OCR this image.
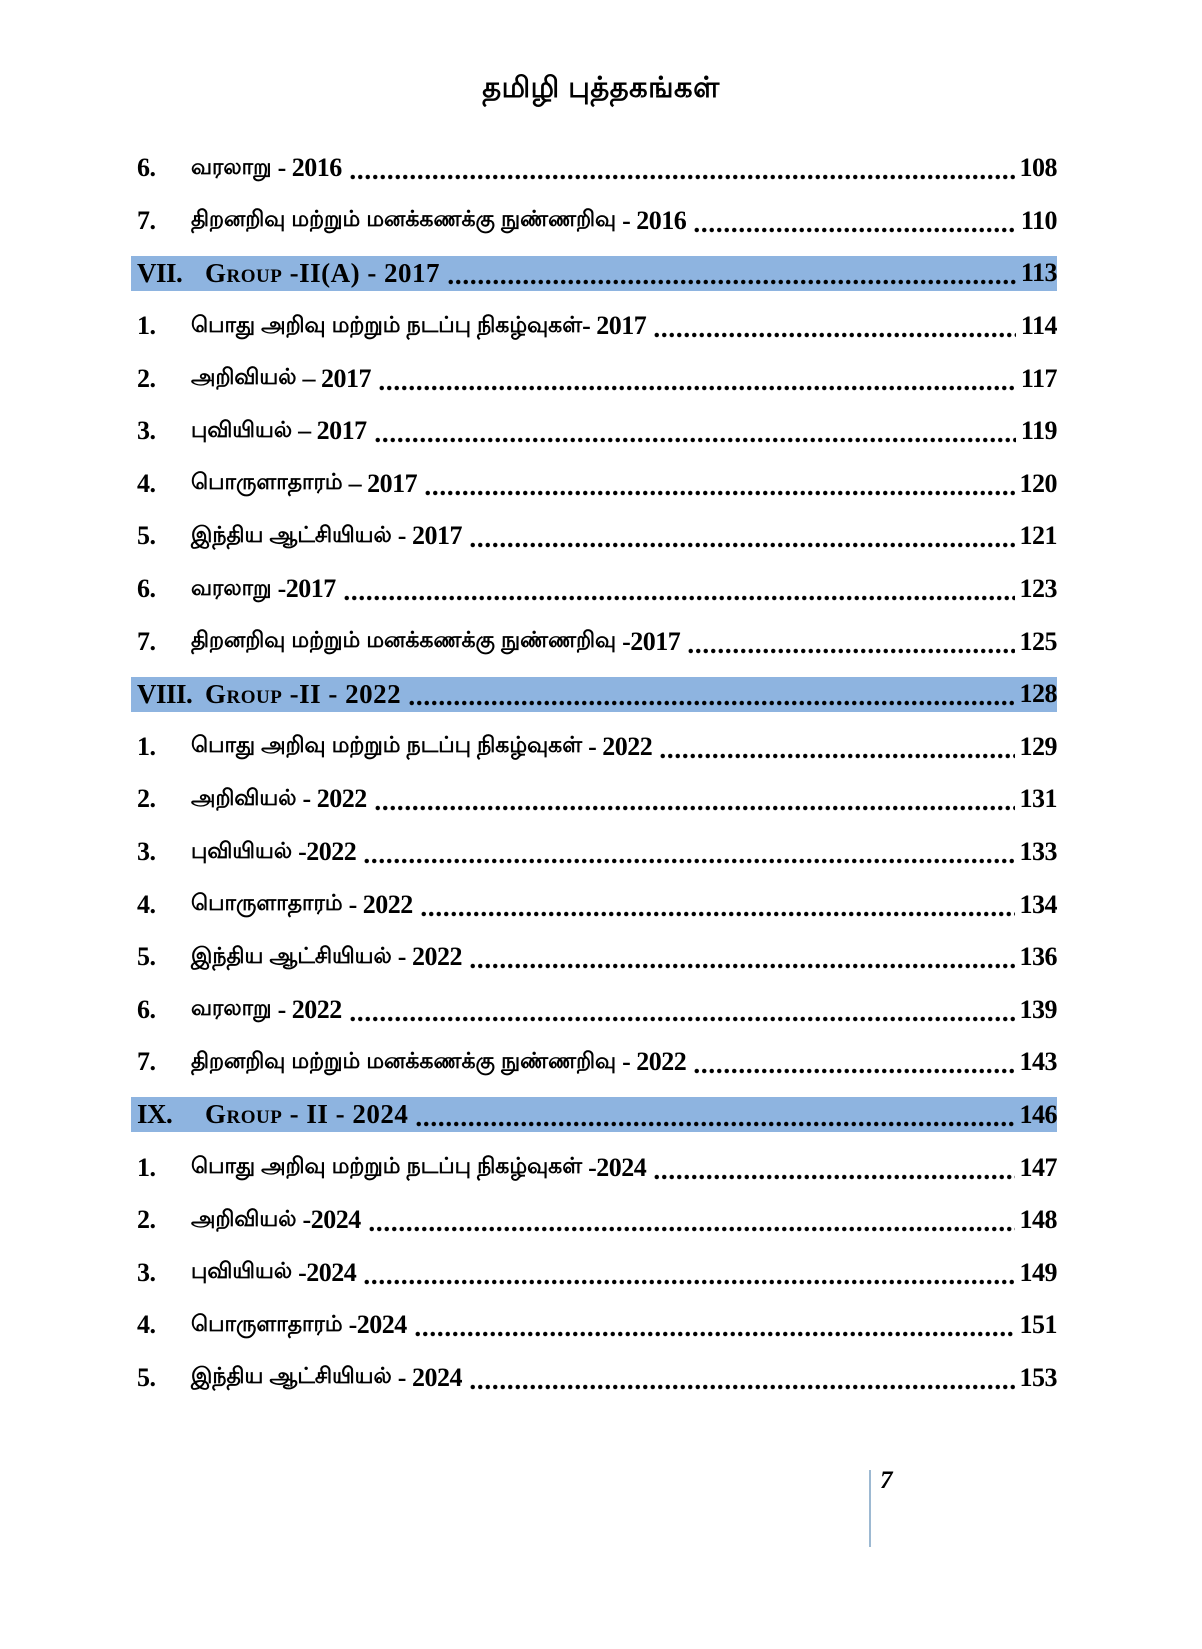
தமிழி புத்தகங்கள்
6.	வரலாறு - 2016	108
7.	திறனறிவு மற்றும் மனக்கணக்கு நுண்ணறிவு - 2016	110
VII. Group -II(A) - 2017	113
1.	பொது அறிவு மற்றும் நடப்பு நிகழ்வுகள் - 2017	114
2.	அறிவியல் – 2017	117
3.	புவியியல் – 2017	119
4.	பொருளாதாரம் – 2017	120
5.	இந்திய ஆட்சியியல் - 2017	121
6.	வரலாறு -2017	123
7.	திறனறிவு மற்றும் மனக்கணக்கு நுண்ணறிவு -2017	125
VIII. Group -II - 2022	128
1.	பொது அறிவு மற்றும் நடப்பு நிகழ்வுகள் - 2022	129
2.	அறிவியல் - 2022	131
3.	புவியியல் -2022	133
4.	பொருளாதாரம் - 2022	134
5.	இந்திய ஆட்சியியல் - 2022	136
6.	வரலாறு - 2022	139
7.	திறனறிவு மற்றும் மனக்கணக்கு நுண்ணறிவு - 2022	143
IX.	Group - II - 2024	146
1.	பொது அறிவு மற்றும் நடப்பு நிகழ்வுகள் -2024	147
2.	அறிவியல் -2024	148
3.	புவியியல் -2024	149
4.	பொருளாதாரம் -2024	151
5.	இந்திய ஆட்சியியல் - 2024	153
7
